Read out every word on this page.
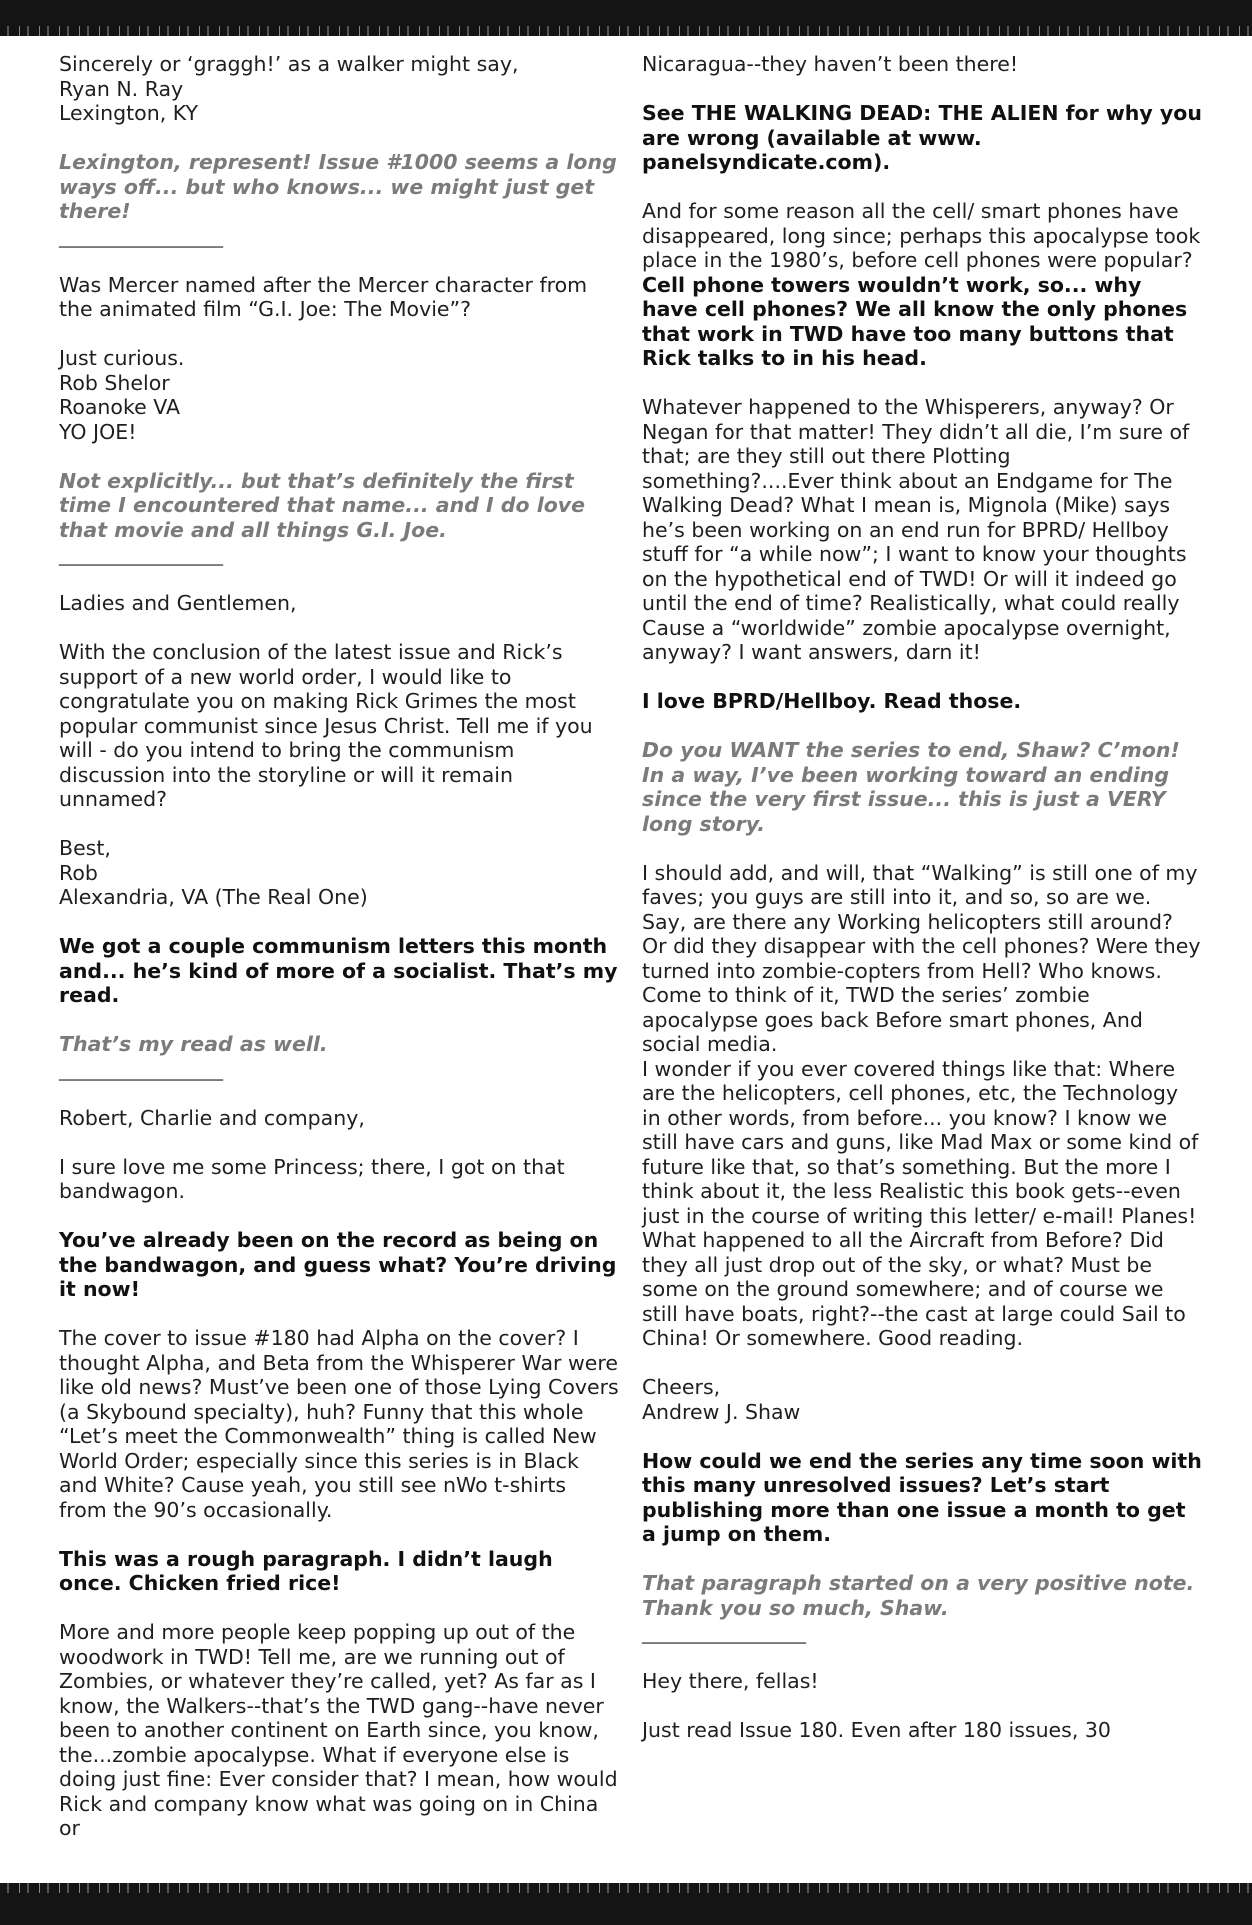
Sincerely or ‘graggh!’ as a walker might say,
Ryan N. Ray
Lexington, KY

Lexington, represent! Issue #1000 seems a long ways off... but who knows... we might just get there!
________________

Was Mercer named after the Mercer character from the animated film “G.I. Joe: The Movie”?

Just curious.
Rob Shelor
Roanoke VA
YO JOE!

Not explicitly... but that’s definitely the first time I encountered that name... and I do love that movie and all things G.I. Joe.
________________

Ladies and Gentlemen,

With the conclusion of the latest issue and Rick’s support of a new world order, I would like to congratulate you on making Rick Grimes the most popular communist since Jesus Christ. Tell me if you will - do you intend to bring the communism discussion into the storyline or will it remain unnamed?

Best,
Rob
Alexandria, VA (The Real One)

We got a couple communism letters this month and... he’s kind of more of a socialist. That’s my read.

That’s my read as well.
________________

Robert, Charlie and company,

I sure love me some Princess; there, I got on that bandwagon.

You’ve already been on the record as being on the bandwagon, and guess what? You’re driving it now!

The cover to issue #180 had Alpha on the cover? I thought Alpha, and Beta from the Whisperer War were like old news? Must’ve been one of those Lying Covers (a Skybound specialty), huh? Funny that this whole “Let’s meet the Commonwealth” thing is called New World Order; especially since this series is in Black and White? Cause yeah, you still see nWo t-shirts from the 90’s occasionally.

This was a rough paragraph. I didn’t laugh once. Chicken fried rice!

More and more people keep popping up out of the woodwork in TWD! Tell me, are we running out of Zombies, or whatever they’re called, yet? As far as I know, the Walkers--that’s the TWD gang--have never been to another continent on Earth since, you know, the...zombie apocalypse. What if everyone else is doing just fine: Ever consider that? I mean, how would Rick and company know what was going on in China or

Nicaragua--they haven’t been there!

See THE WALKING DEAD: THE ALIEN for why you are wrong (available at www. panelsyndicate.com).

And for some reason all the cell/ smart phones have disappeared, long since; perhaps this apocalypse took place in the 1980’s, before cell phones were popular?

Cell phone towers wouldn’t work, so... why have cell phones? We all know the only phones that work in TWD have too many buttons that Rick talks to in his head.

Whatever happened to the Whisperers, anyway? Or Negan for that matter! They didn’t all die, I’m sure of that; are they still out there Plotting something?....Ever think about an Endgame for The Walking Dead? What I mean is, Mignola (Mike) says he’s been working on an end run for BPRD/ Hellboy stuff for “a while now”; I want to know your thoughts on the hypothetical end of TWD! Or will it indeed go until the end of time? Realistically, what could really Cause a “worldwide” zombie apocalypse overnight, anyway? I want answers, darn it!

I love BPRD/Hellboy. Read those.

Do you WANT the series to end, Shaw? C’mon! In a way, I’ve been working toward an ending since the very first issue... this is just a VERY long story.

I should add, and will, that “Walking” is still one of my faves; you guys are still into it, and so, so are we. Say, are there any Working helicopters still around? Or did they disappear with the cell phones? Were they turned into zombie-copters from Hell? Who knows. Come to think of it, TWD the series’ zombie apocalypse goes back Before smart phones, And social media.
I wonder if you ever covered things like that: Where are the helicopters, cell phones, etc, the Technology in other words, from before... you know? I know we still have cars and guns, like Mad Max or some kind of future like that, so that’s something. But the more I think about it, the less Realistic this book gets--even just in the course of writing this letter/ e-mail! Planes! What happened to all the Aircraft from Before? Did they all just drop out of the sky, or what? Must be some on the ground somewhere; and of course we still have boats, right?--the cast at large could Sail to China! Or somewhere. Good reading.

Cheers,
Andrew J. Shaw

How could we end the series any time soon with this many unresolved issues? Let’s start publishing more than one issue a month to get a jump on them.

That paragraph started on a very positive note. Thank you so much, Shaw.
________________

Hey there, fellas!

Just read Issue 180. Even after 180 issues, 30
